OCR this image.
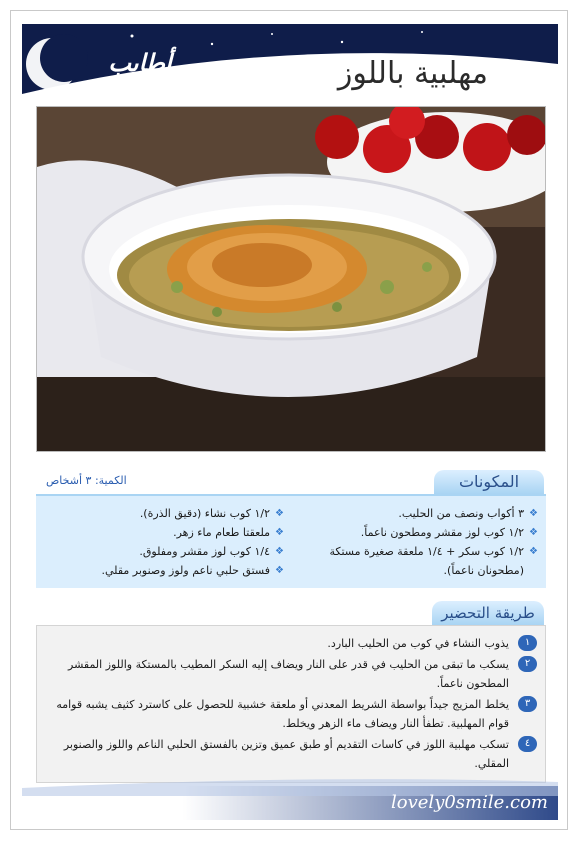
أطايب	مهلبية باللوز
المكونات
الكمية: ٣ أشخاص
❖ ٣ أكواب ونصف من الحليب.
❖ ١/٢ كوب لوز مقشر ومطحون ناعماً.
❖ ١/٢ كوب سكر + ١/٤ ملعقة صغيرة مستكة (مطحونان ناعماً).
❖ ١/٢ كوب نشاء (دقيق الذرة).
❖ ملعقتا طعام ماء زهر.
❖ ١/٤ كوب لوز مقشر ومفلوق.
❖ فستق حلبي ناعم ولوز وصنوبر مقلي.
طريقة التحضير
١
يذوب النشاء في كوب من الحليب البارد.
٢
يسكب ما تبقى من الحليب في قدر على النار ويضاف إليه السكر المطيب بالمستكة واللوز المقشر المطحون ناعماً.
٣
يخلط المزيج جيداً بواسطة الشريط المعدني أو ملعقة خشبية للحصول على كاسترد كثيف يشبه قوامه قوام المهلبية. تطفأ النار ويضاف ماء الزهر ويخلط.
٤
تسكب مهلبية اللوز في كاسات التقديم أو طبق عميق وتزين بالفستق الحلبي الناعم واللوز والصنوبر المقلي.
lovely0smile.com
